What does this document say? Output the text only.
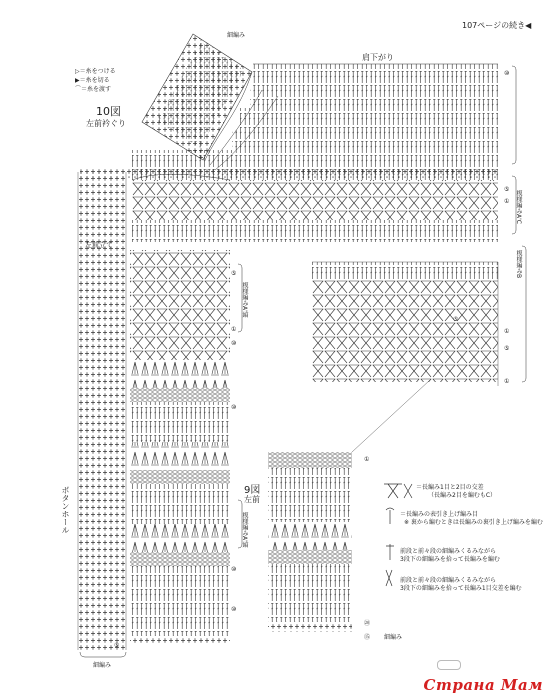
107ページの続き◀
▷＝糸をつける
▶＝糸を切る
⌒＝糸を渡す
10図
左前衿ぐり
肩下がり
細編み
左前立て
ボタンホール
模様編みA'C
模様編みB
模様編みA'縞
模様編みA'縞
9図
左前
細編み
細編み
⑩
⑤
①
⑤
①
⑩
⑩
⑤
①
⑤
①
⑩
⑩
⑤
①
⑳
⑮
＝長編み1目と2目の交差
（長編み2目を編むもC）
＝長編みの表引き上げ編み目
※ 裏から編むときは長編みの裏引き上げ編みを編む
前段と前々段の細編みくるみながら
3段下の細編みを拾って長編みを編む
前段と前々段の細編みくるみながら
3段下の細編みを拾って長編み1目交差を編む
Страна Мам
